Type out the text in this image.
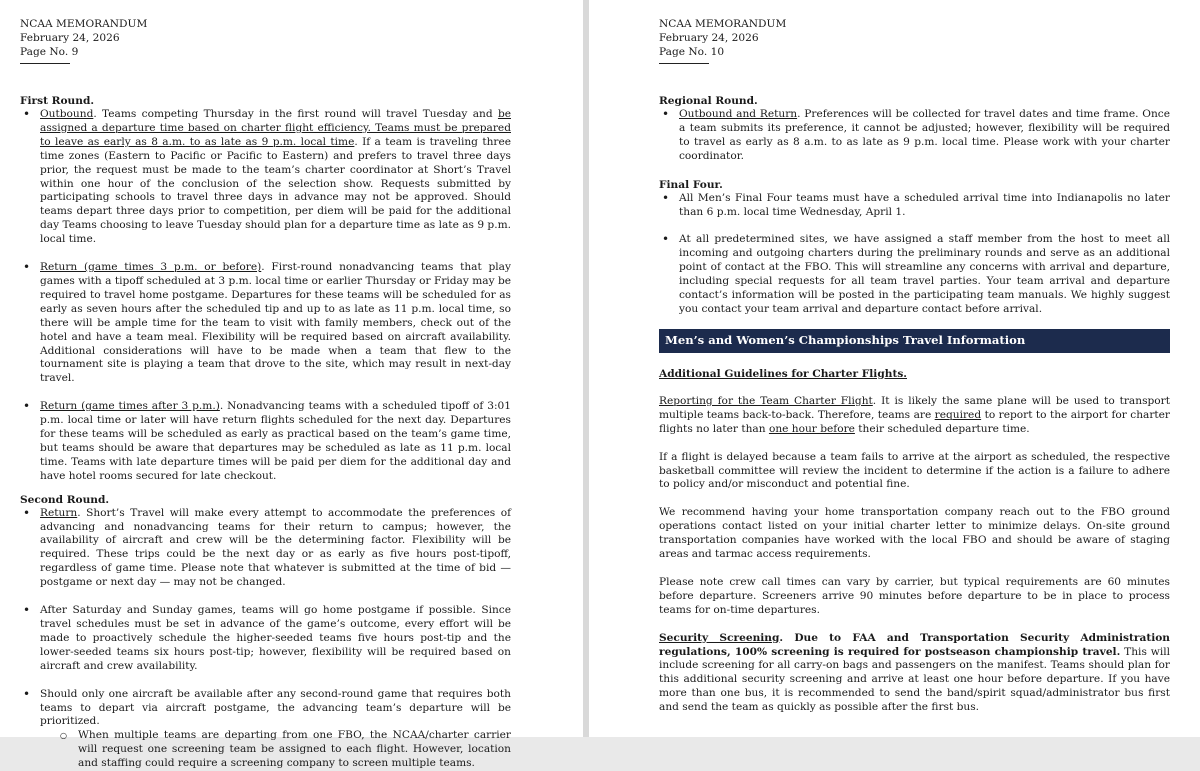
NCAA MEMORANDUM

February 24, 2026

Page No. 9

First Round.

• Outbound. Teams competing Thursday in the first round will travel Tuesday and be assigned a departure time based on charter flight efficiency. Teams must be prepared to leave as early as 8 a.m. to as late as 9 p.m. local time. If a team is traveling three time zones (Eastern to Pacific or Pacific to Eastern) and prefers to travel three days prior, the request must be made to the team’s charter coordinator at Short’s Travel within one hour of the conclusion of the selection show. Requests submitted by participating schools to travel three days in advance may not be approved. Should teams depart three days prior to competition, per diem will be paid for the additional day Teams choosing to leave Tuesday should plan for a departure time as late as 9 p.m. local time.
• Return (game times 3 p.m. or before). First-round nonadvancing teams that play games with a tipoff scheduled at 3 p.m. local time or earlier Thursday or Friday may be required to travel home postgame. Departures for these teams will be scheduled for as early as seven hours after the scheduled tip and up to as late as 11 p.m. local time, so there will be ample time for the team to visit with family members, check out of the hotel and have a team meal. Flexibility will be required based on aircraft availability. Additional considerations will have to be made when a team that flew to the tournament site is playing a team that drove to the site, which may result in next-day travel.
• Return (game times after 3 p.m.). Nonadvancing teams with a scheduled tipoff of 3:01 p.m. local time or later will have return flights scheduled for the next day. Departures for these teams will be scheduled as early as practical based on the team’s game time, but teams should be aware that departures may be scheduled as late as 11 p.m. local time. Teams with late departure times will be paid per diem for the additional day and have hotel rooms secured for late checkout.

Second Round.

• Return. Short’s Travel will make every attempt to accommodate the preferences of advancing and nonadvancing teams for their return to campus; however, the availability of aircraft and crew will be the determining factor. Flexibility will be required. These trips could be the next day or as early as five hours post-tipoff, regardless of game time. Please note that whatever is submitted at the time of bid — postgame or next day — may not be changed.
• After Saturday and Sunday games, teams will go home postgame if possible. Since travel schedules must be set in advance of the game’s outcome, every effort will be made to proactively schedule the higher-seeded teams five hours post-tip and the lower-seeded teams six hours post-tip; however, flexibility will be required based on aircraft and crew availability.
• Should only one aircraft be available after any second-round game that requires both teams to depart via aircraft postgame, the advancing team’s departure will be prioritized.
○ When multiple teams are departing from one FBO, the NCAA/charter carrier will request one screening team be assigned to each flight. However, location and staffing could require a screening company to screen multiple teams.

NCAA MEMORANDUM

February 24, 2026

Page No. 10

Regional Round.

• Outbound and Return. Preferences will be collected for travel dates and time frame. Once a team submits its preference, it cannot be adjusted; however, flexibility will be required to travel as early as 8 a.m. to as late as 9 p.m. local time. Please work with your charter coordinator.

Final Four.

• All Men’s Final Four teams must have a scheduled arrival time into Indianapolis no later than 6 p.m. local time Wednesday, April 1.
• At all predetermined sites, we have assigned a staff member from the host to meet all incoming and outgoing charters during the preliminary rounds and serve as an additional point of contact at the FBO. This will streamline any concerns with arrival and departure, including special requests for all team travel parties. Your team arrival and departure contact’s information will be posted in the participating team manuals. We highly suggest you contact your team arrival and departure contact before arrival.
Men’s and Women’s Championships Travel Information

Additional Guidelines for Charter Flights.

Reporting for the Team Charter Flight. It is likely the same plane will be used to transport multiple teams back-to-back. Therefore, teams are required to report to the airport for charter flights no later than one hour before their scheduled departure time.

If a flight is delayed because a team fails to arrive at the airport as scheduled, the respective basketball committee will review the incident to determine if the action is a failure to adhere to policy and/or misconduct and potential fine.

We recommend having your home transportation company reach out to the FBO ground operations contact listed on your initial charter letter to minimize delays. On-site ground transportation companies have worked with the local FBO and should be aware of staging areas and tarmac access requirements.

Please note crew call times can vary by carrier, but typical requirements are 60 minutes before departure. Screeners arrive 90 minutes before departure to be in place to process teams for on-time departures.

Security Screening. Due to FAA and Transportation Security Administration regulations, 100% screening is required for postseason championship travel. This will include screening for all carry-on bags and passengers on the manifest. Teams should plan for this additional security screening and arrive at least one hour before departure. If you have more than one bus, it is recommended to send the band/spirit squad/administrator bus first and send the team as quickly as possible after the first bus.
